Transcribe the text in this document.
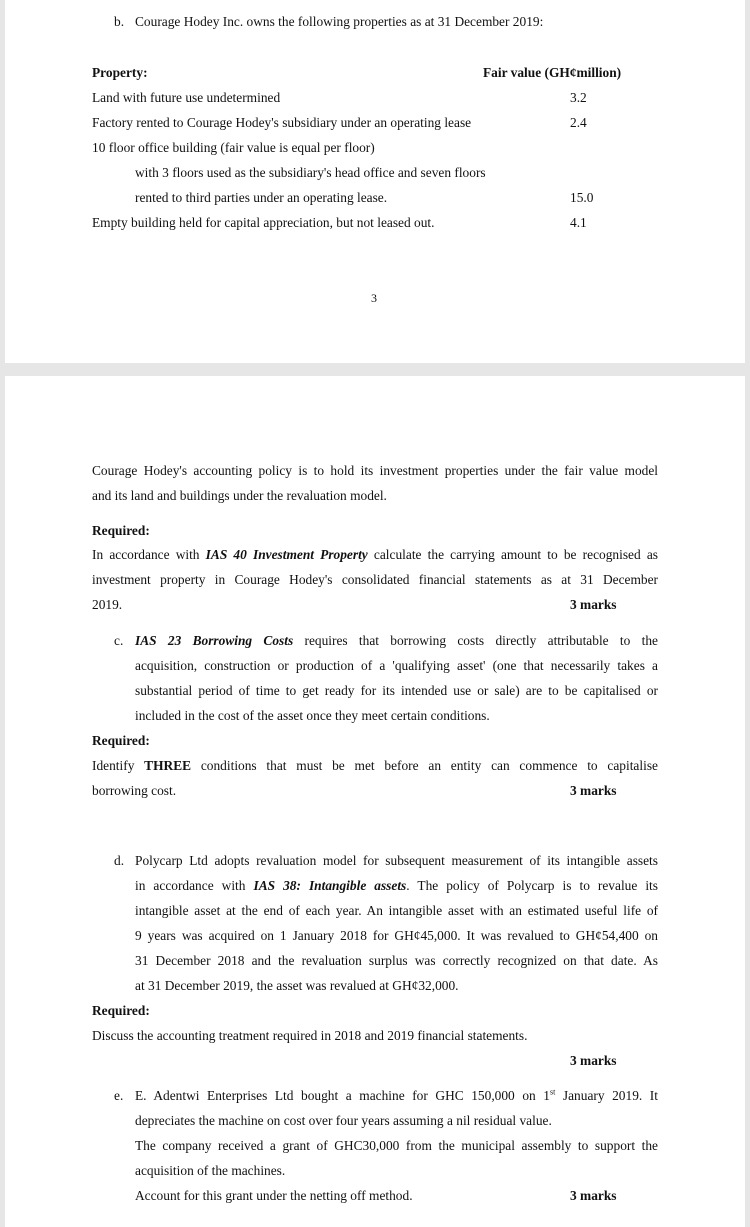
b. Courage Hodey Inc. owns the following properties as at 31 December 2019:
Property:	Fair value (GH¢million)
Land with future use undetermined	3.2
Factory rented to Courage Hodey's subsidiary under an operating lease	2.4
10 floor office building (fair value is equal per floor)
with 3 floors used as the subsidiary's head office and seven floors
rented to third parties under an operating lease.	15.0
Empty building held for capital appreciation, but not leased out.	4.1
3
Courage Hodey's accounting policy is to hold its investment properties under the fair value model
and its land and buildings under the revaluation model.
Required:
In accordance with IAS 40 Investment Property calculate the carrying amount to be recognised as
investment property in Courage Hodey's consolidated financial statements as at 31 December
2019.	3 marks
c. IAS 23 Borrowing Costs requires that borrowing costs directly attributable to the
acquisition, construction or production of a 'qualifying asset' (one that necessarily takes a
substantial period of time to get ready for its intended use or sale) are to be capitalised or
included in the cost of the asset once they meet certain conditions.
Required:
Identify THREE conditions that must be met before an entity can commence to capitalise
borrowing cost.	3 marks
d. Polycarp Ltd adopts revaluation model for subsequent measurement of its intangible assets
in accordance with IAS 38: Intangible assets. The policy of Polycarp is to revalue its
intangible asset at the end of each year. An intangible asset with an estimated useful life of
9 years was acquired on 1 January 2018 for GH¢45,000. It was revalued to GH¢54,400 on
31 December 2018 and the revaluation surplus was correctly recognized on that date. As
at 31 December 2019, the asset was revalued at GH¢32,000.
Required:
Discuss the accounting treatment required in 2018 and 2019 financial statements.
3 marks
e. E. Adentwi Enterprises Ltd bought a machine for GHC 150,000 on 1st January 2019. It
depreciates the machine on cost over four years assuming a nil residual value.
The company received a grant of GHC30,000 from the municipal assembly to support the
acquisition of the machines.
Account for this grant under the netting off method.	3 marks
